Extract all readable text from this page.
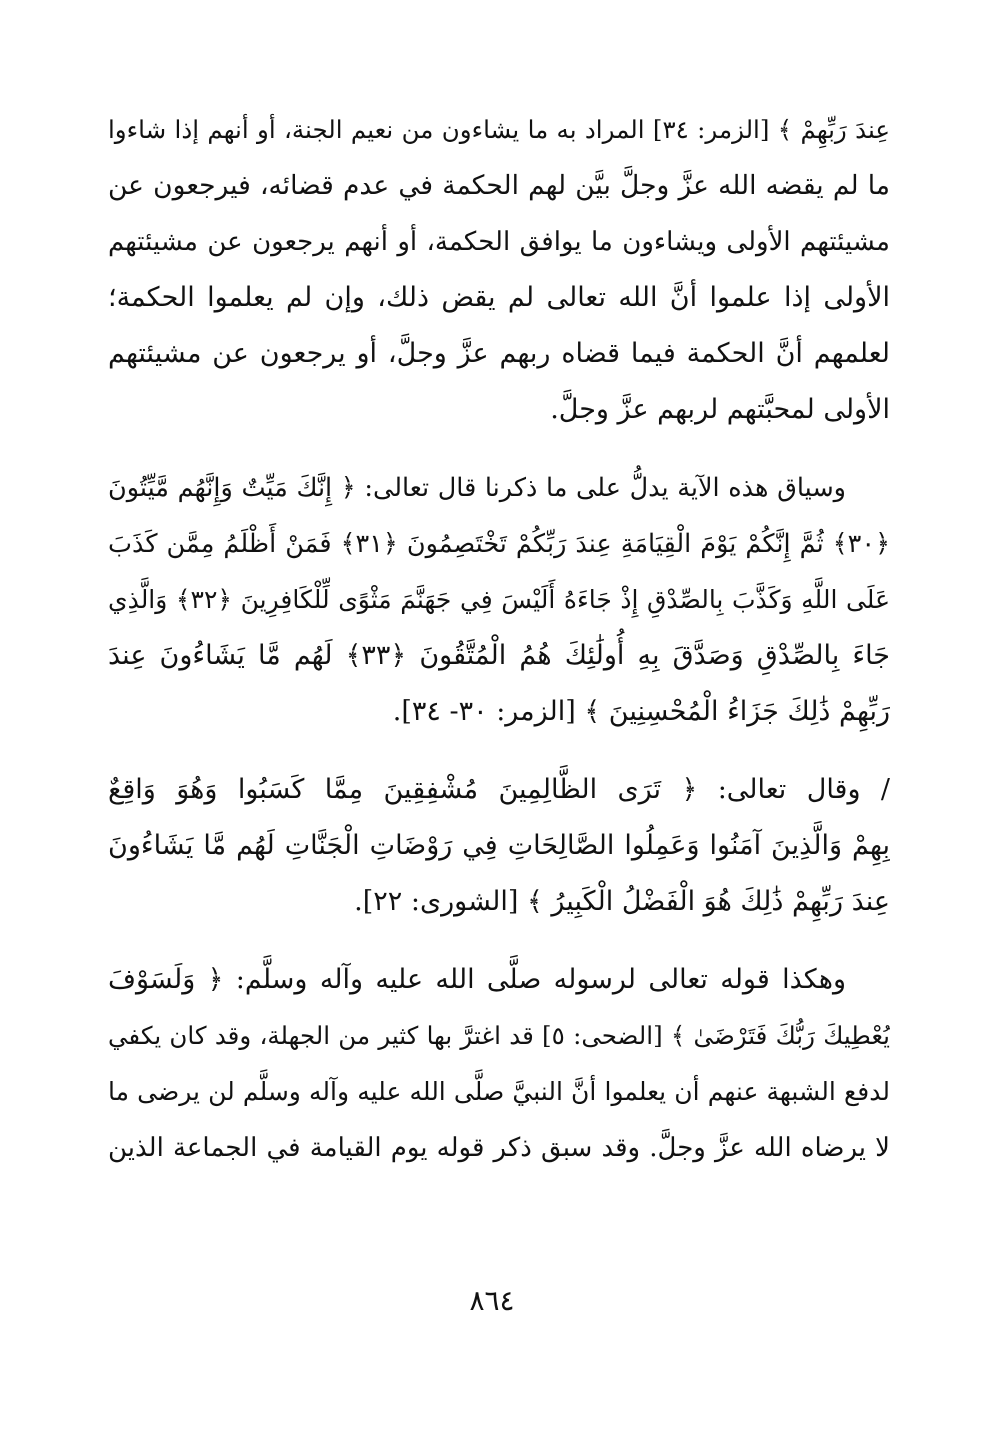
عِندَ رَبِّهِمْ ﴾ [الزمر: ٣٤] المراد به ما يشاءون من نعيم الجنة، أو أنهم إذا شاءوا
ما لم يقضه الله عزَّ وجلَّ بيَّن لهم الحكمة في عدم قضائه، فيرجعون عن
مشيئتهم الأولى ويشاءون ما يوافق الحكمة، أو أنهم يرجعون عن مشيئتهم
الأولى إذا علموا أنَّ الله تعالى لم يقض ذلك، وإن لم يعلموا الحكمة؛
لعلمهم أنَّ الحكمة فيما قضاه ربهم عزَّ وجلَّ، أو يرجعون عن مشيئتهم
الأولى لمحبَّتهم لربهم عزَّ وجلَّ.
وسياق هذه الآية يدلُّ على ما ذكرنا قال تعالى: ﴿ إِنَّكَ مَيِّتٌ وَإِنَّهُم مَّيِّتُونَ
﴿٣٠﴾ ثُمَّ إِنَّكُمْ يَوْمَ الْقِيَامَةِ عِندَ رَبِّكُمْ تَخْتَصِمُونَ ﴿٣١﴾ فَمَنْ أَظْلَمُ مِمَّن كَذَبَ
عَلَى اللَّهِ وَكَذَّبَ بِالصِّدْقِ إِذْ جَاءَهُ أَلَيْسَ فِي جَهَنَّمَ مَثْوًى لِّلْكَافِرِينَ ﴿٣٢﴾ وَالَّذِي
جَاءَ بِالصِّدْقِ وَصَدَّقَ بِهِ أُولَٰئِكَ هُمُ الْمُتَّقُونَ ﴿٣٣﴾ لَهُم مَّا يَشَاءُونَ عِندَ
رَبِّهِمْ ذَٰلِكَ جَزَاءُ الْمُحْسِنِينَ ﴾ [الزمر: ٣٠- ٣٤].
/ وقال تعالى: ﴿ تَرَى الظَّالِمِينَ مُشْفِقِينَ مِمَّا كَسَبُوا وَهُوَ وَاقِعٌ
بِهِمْ وَالَّذِينَ آمَنُوا وَعَمِلُوا الصَّالِحَاتِ فِي رَوْضَاتِ الْجَنَّاتِ لَهُم مَّا يَشَاءُونَ
عِندَ رَبِّهِمْ ذَٰلِكَ هُوَ الْفَضْلُ الْكَبِيرُ ﴾ [الشورى: ٢٢].
وهكذا قوله تعالى لرسوله صلَّى الله عليه وآله وسلَّم: ﴿ وَلَسَوْفَ
يُعْطِيكَ رَبُّكَ فَتَرْضَىٰ ﴾ [الضحى: ٥] قد اغترَّ بها كثير من الجهلة، وقد كان يكفي
لدفع الشبهة عنهم أن يعلموا أنَّ النبيَّ صلَّى الله عليه وآله وسلَّم لن يرضى ما
لا يرضاه الله عزَّ وجلَّ. وقد سبق ذكر قوله يوم القيامة في الجماعة الذين
٨٦٤
